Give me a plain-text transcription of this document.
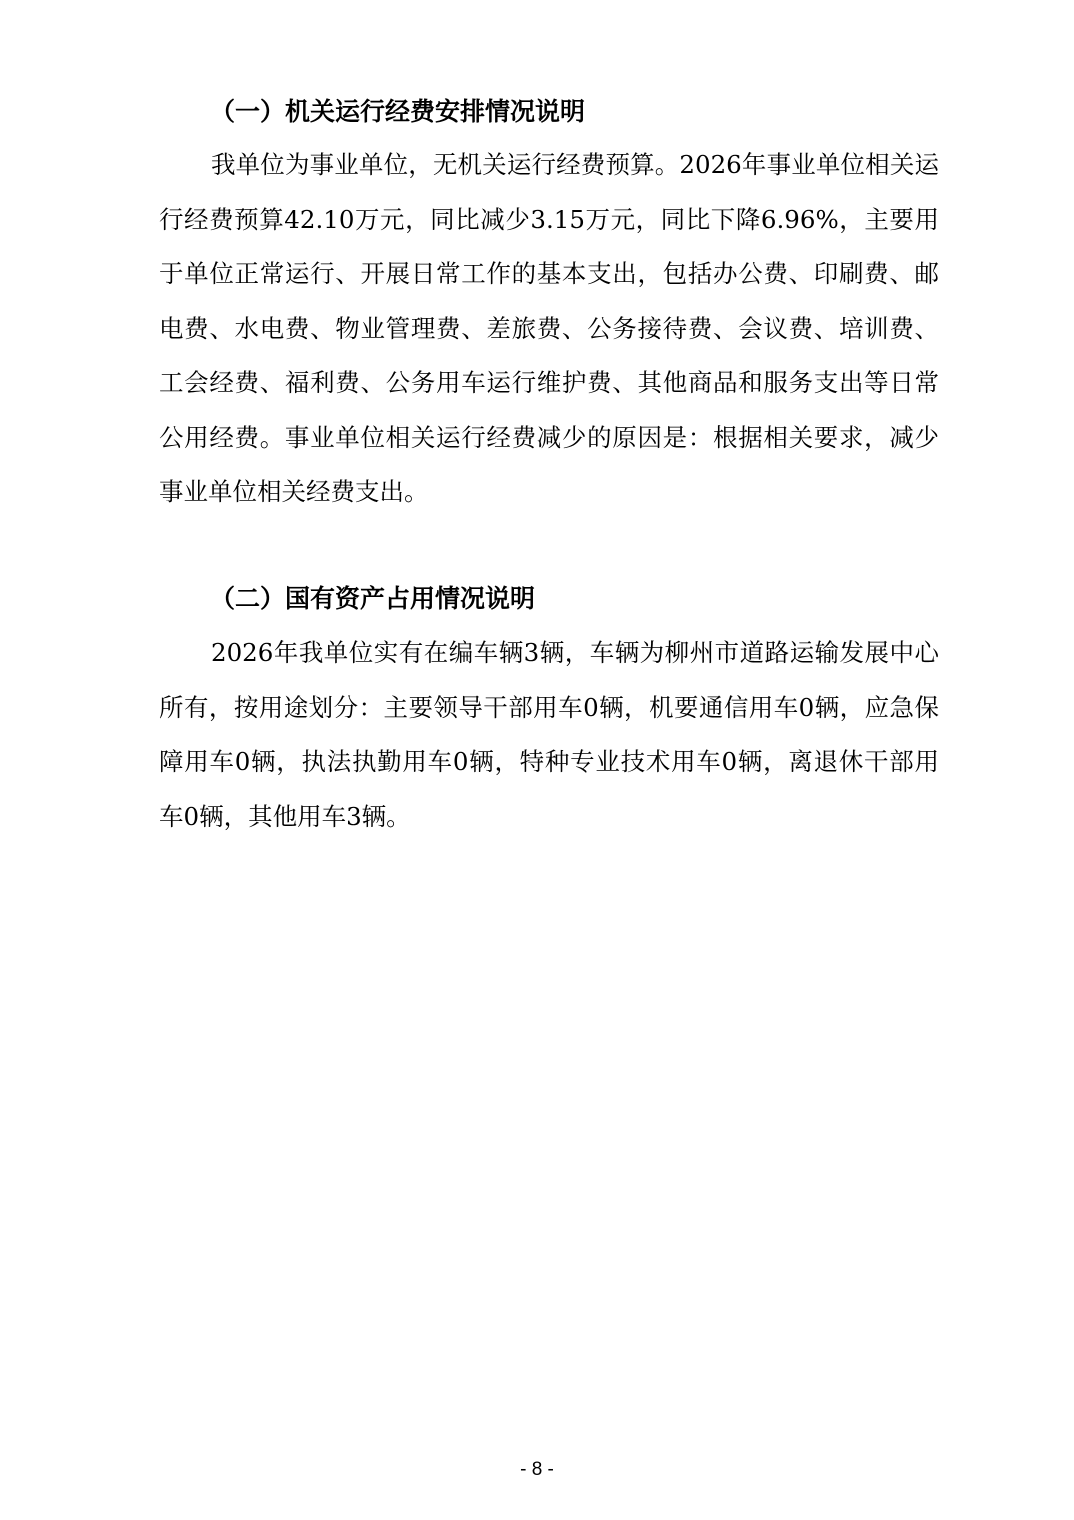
（一）机关运行经费安排情况说明
我单位为事业单位，无机关运行经费预算。2026年事业单位相关运行经费预算42.10万元，同比减少3.15万元，同比下降6.96%，主要用于单位正常运行、开展日常工作的基本支出，包括办公费、印刷费、邮电费、水电费、物业管理费、差旅费、公务接待费、会议费、培训费、工会经费、福利费、公务用车运行维护费、其他商品和服务支出等日常公用经费。事业单位相关运行经费减少的原因是：根据相关要求，减少事业单位相关经费支出。
（二）国有资产占用情况说明
2026年我单位实有在编车辆3辆，车辆为柳州市道路运输发展中心所有，按用途划分：主要领导干部用车0辆，机要通信用车0辆，应急保障用车0辆，执法执勤用车0辆，特种专业技术用车0辆，离退休干部用车0辆，其他用车3辆。
- 8 -
